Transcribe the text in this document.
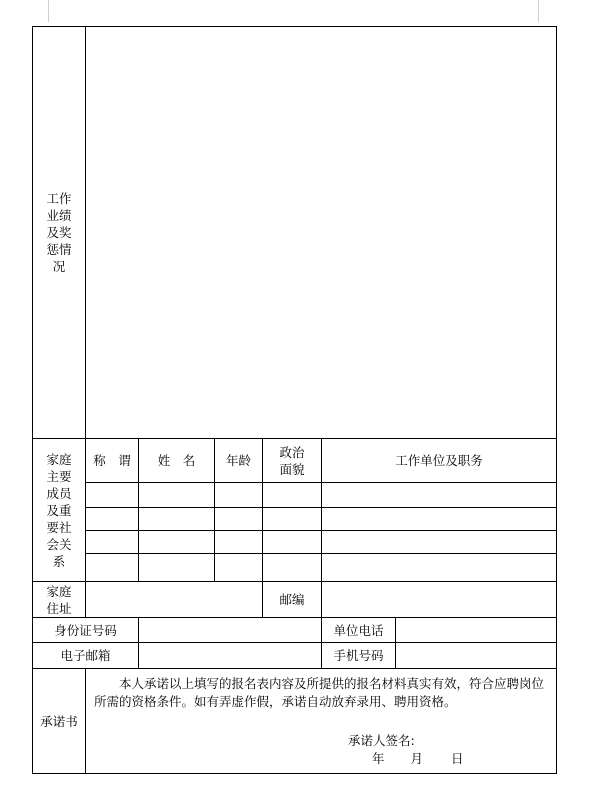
工作业绩及奖惩情况						

家庭主要成员及重要社会关系	称　谓	姓　名	年龄	政治面貌	工作单位及职务	

家庭住址				邮编		
身份证号码					单位电话	
电子邮箱					手机号码	
承诺书	本人承诺以上填写的报名表内容及所提供的报名材料真实有效，符合应聘岗位所需的资格条件。如有弄虚作假，承诺自动放弃录用、聘用资格。
承诺人签名:
年 月 日					
